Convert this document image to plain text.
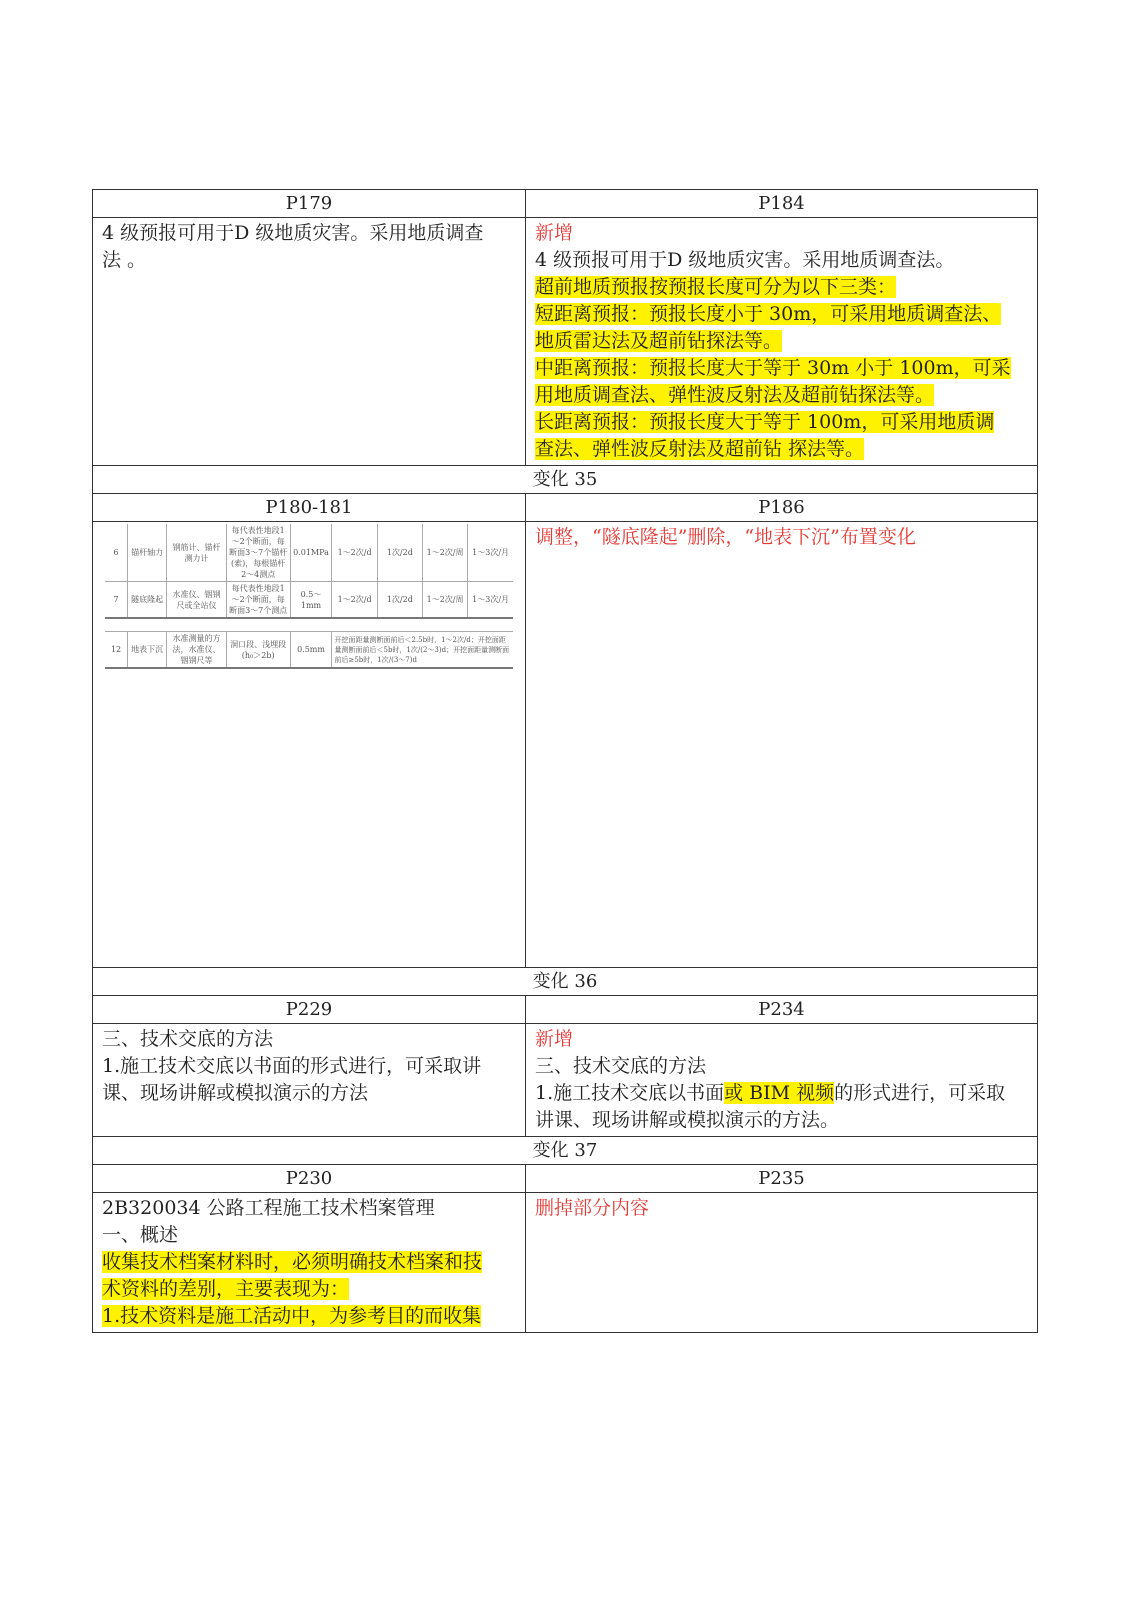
P179	P184

4 级预报可用于D 级地质灾害。采用地质调查
法 。

新增
4 级预报可用于D 级地质灾害。采用地质调查法。
超前地质预报按预报长度可分为以下三类：
短距离预报：预报长度小于 30m，可采用地质调查法、
地质雷达法及超前钻探法等。
中距离预报：预报长度大于等于 30m 小于 100m，可采
用地质调查法、弹性波反射法及超前钻探法等。
长距离预报：预报长度大于等于 100m，可采用地质调
查法、弹性波反射法及超前钻 探法等。

变化 35
P180-181	P186

6	锚杆轴力	钢筋计、锚杆测力计	每代表性地段1～2个断面，每断面3～7个锚杆(索)，每根锚杆2～4测点	0.01MPa	1～2次/d	1次/2d	1～2次/周	1～3次/月
7	隧底隆起	水准仪、铟钢尺或全站仪	每代表性地段1～2个断面，每断面3～7个测点	0.5～1mm	1～2次/d	1次/2d	1～2次/周	1～3次/月

12	地表下沉	水准测量的方法，水准仪、铟钢尺等	洞口段、浅埋段(h₀＞2b)	0.5mm	开挖面距量测断面前后＜2.5b时，1～2次/d；开挖面距量测断面前后＜5b时，1次/(2～3)d；开挖面距量测断面前后≥5b时，1次/(3～7)d

调整，“隧底隆起”删除，“地表下沉”布置变化

变化 36
P229	P234

三、技术交底的方法
1.施工技术交底以书面的形式进行，可采取讲
课、现场讲解或模拟演示的方法

新增
三、技术交底的方法
1.施工技术交底以书面或 BIM 视频的形式进行，可采取
讲课、现场讲解或模拟演示的方法。

变化 37
P230	P235

2B320034 公路工程施工技术档案管理
一、概述
收集技术档案材料时，必须明确技术档案和技
术资料的差别，主要表现为：
1.技术资料是施工活动中，为参考目的而收集

删掉部分内容
